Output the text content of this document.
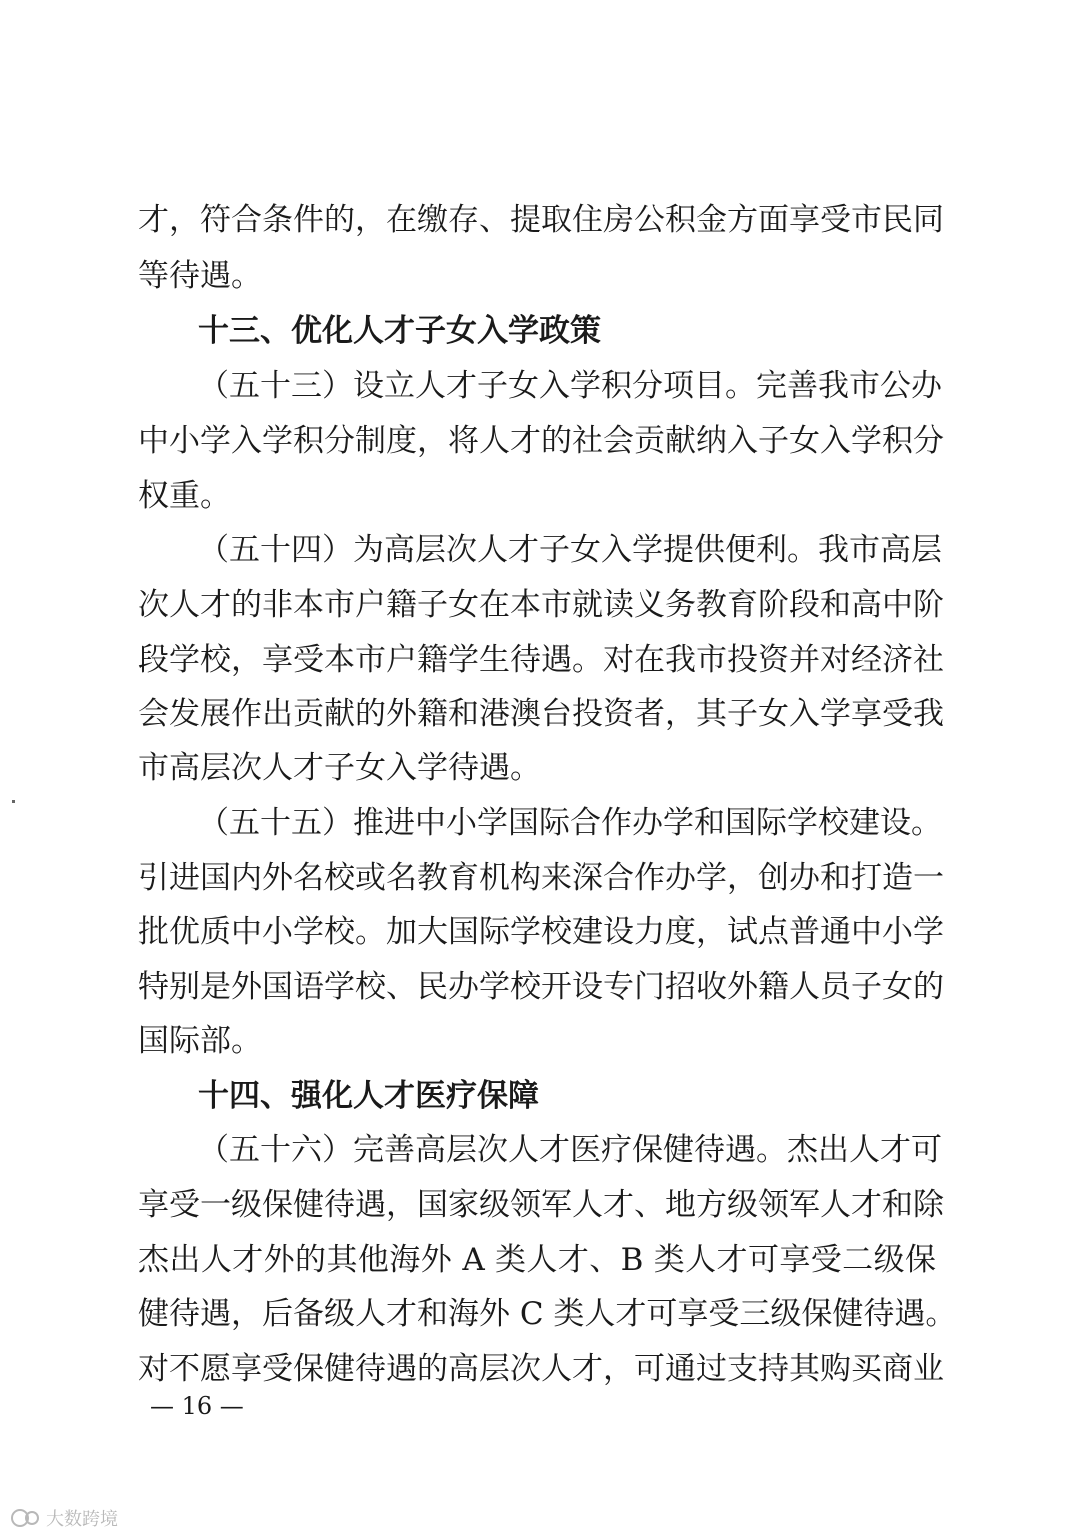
才，符合条件的，在缴存、提取住房公积金方面享受市民同
等待遇。
十三、优化人才子女入学政策
（五十三）设立人才子女入学积分项目。完善我市公办
中小学入学积分制度，将人才的社会贡献纳入子女入学积分
权重。
（五十四）为高层次人才子女入学提供便利。我市高层
次人才的非本市户籍子女在本市就读义务教育阶段和高中阶
段学校，享受本市户籍学生待遇。对在我市投资并对经济社
会发展作出贡献的外籍和港澳台投资者，其子女入学享受我
市高层次人才子女入学待遇。
（五十五）推进中小学国际合作办学和国际学校建设。
引进国内外名校或名教育机构来深合作办学，创办和打造一
批优质中小学校。加大国际学校建设力度，试点普通中小学
特别是外国语学校、民办学校开设专门招收外籍人员子女的
国际部。
十四、强化人才医疗保障
（五十六）完善高层次人才医疗保健待遇。杰出人才可
享受一级保健待遇，国家级领军人才、地方级领军人才和除
杰出人才外的其他海外 A 类人才、B 类人才可享受二级保
健待遇，后备级人才和海外 C 类人才可享受三级保健待遇。
对不愿享受保健待遇的高层次人才，可通过支持其购买商业
— 16 —
大数跨境
